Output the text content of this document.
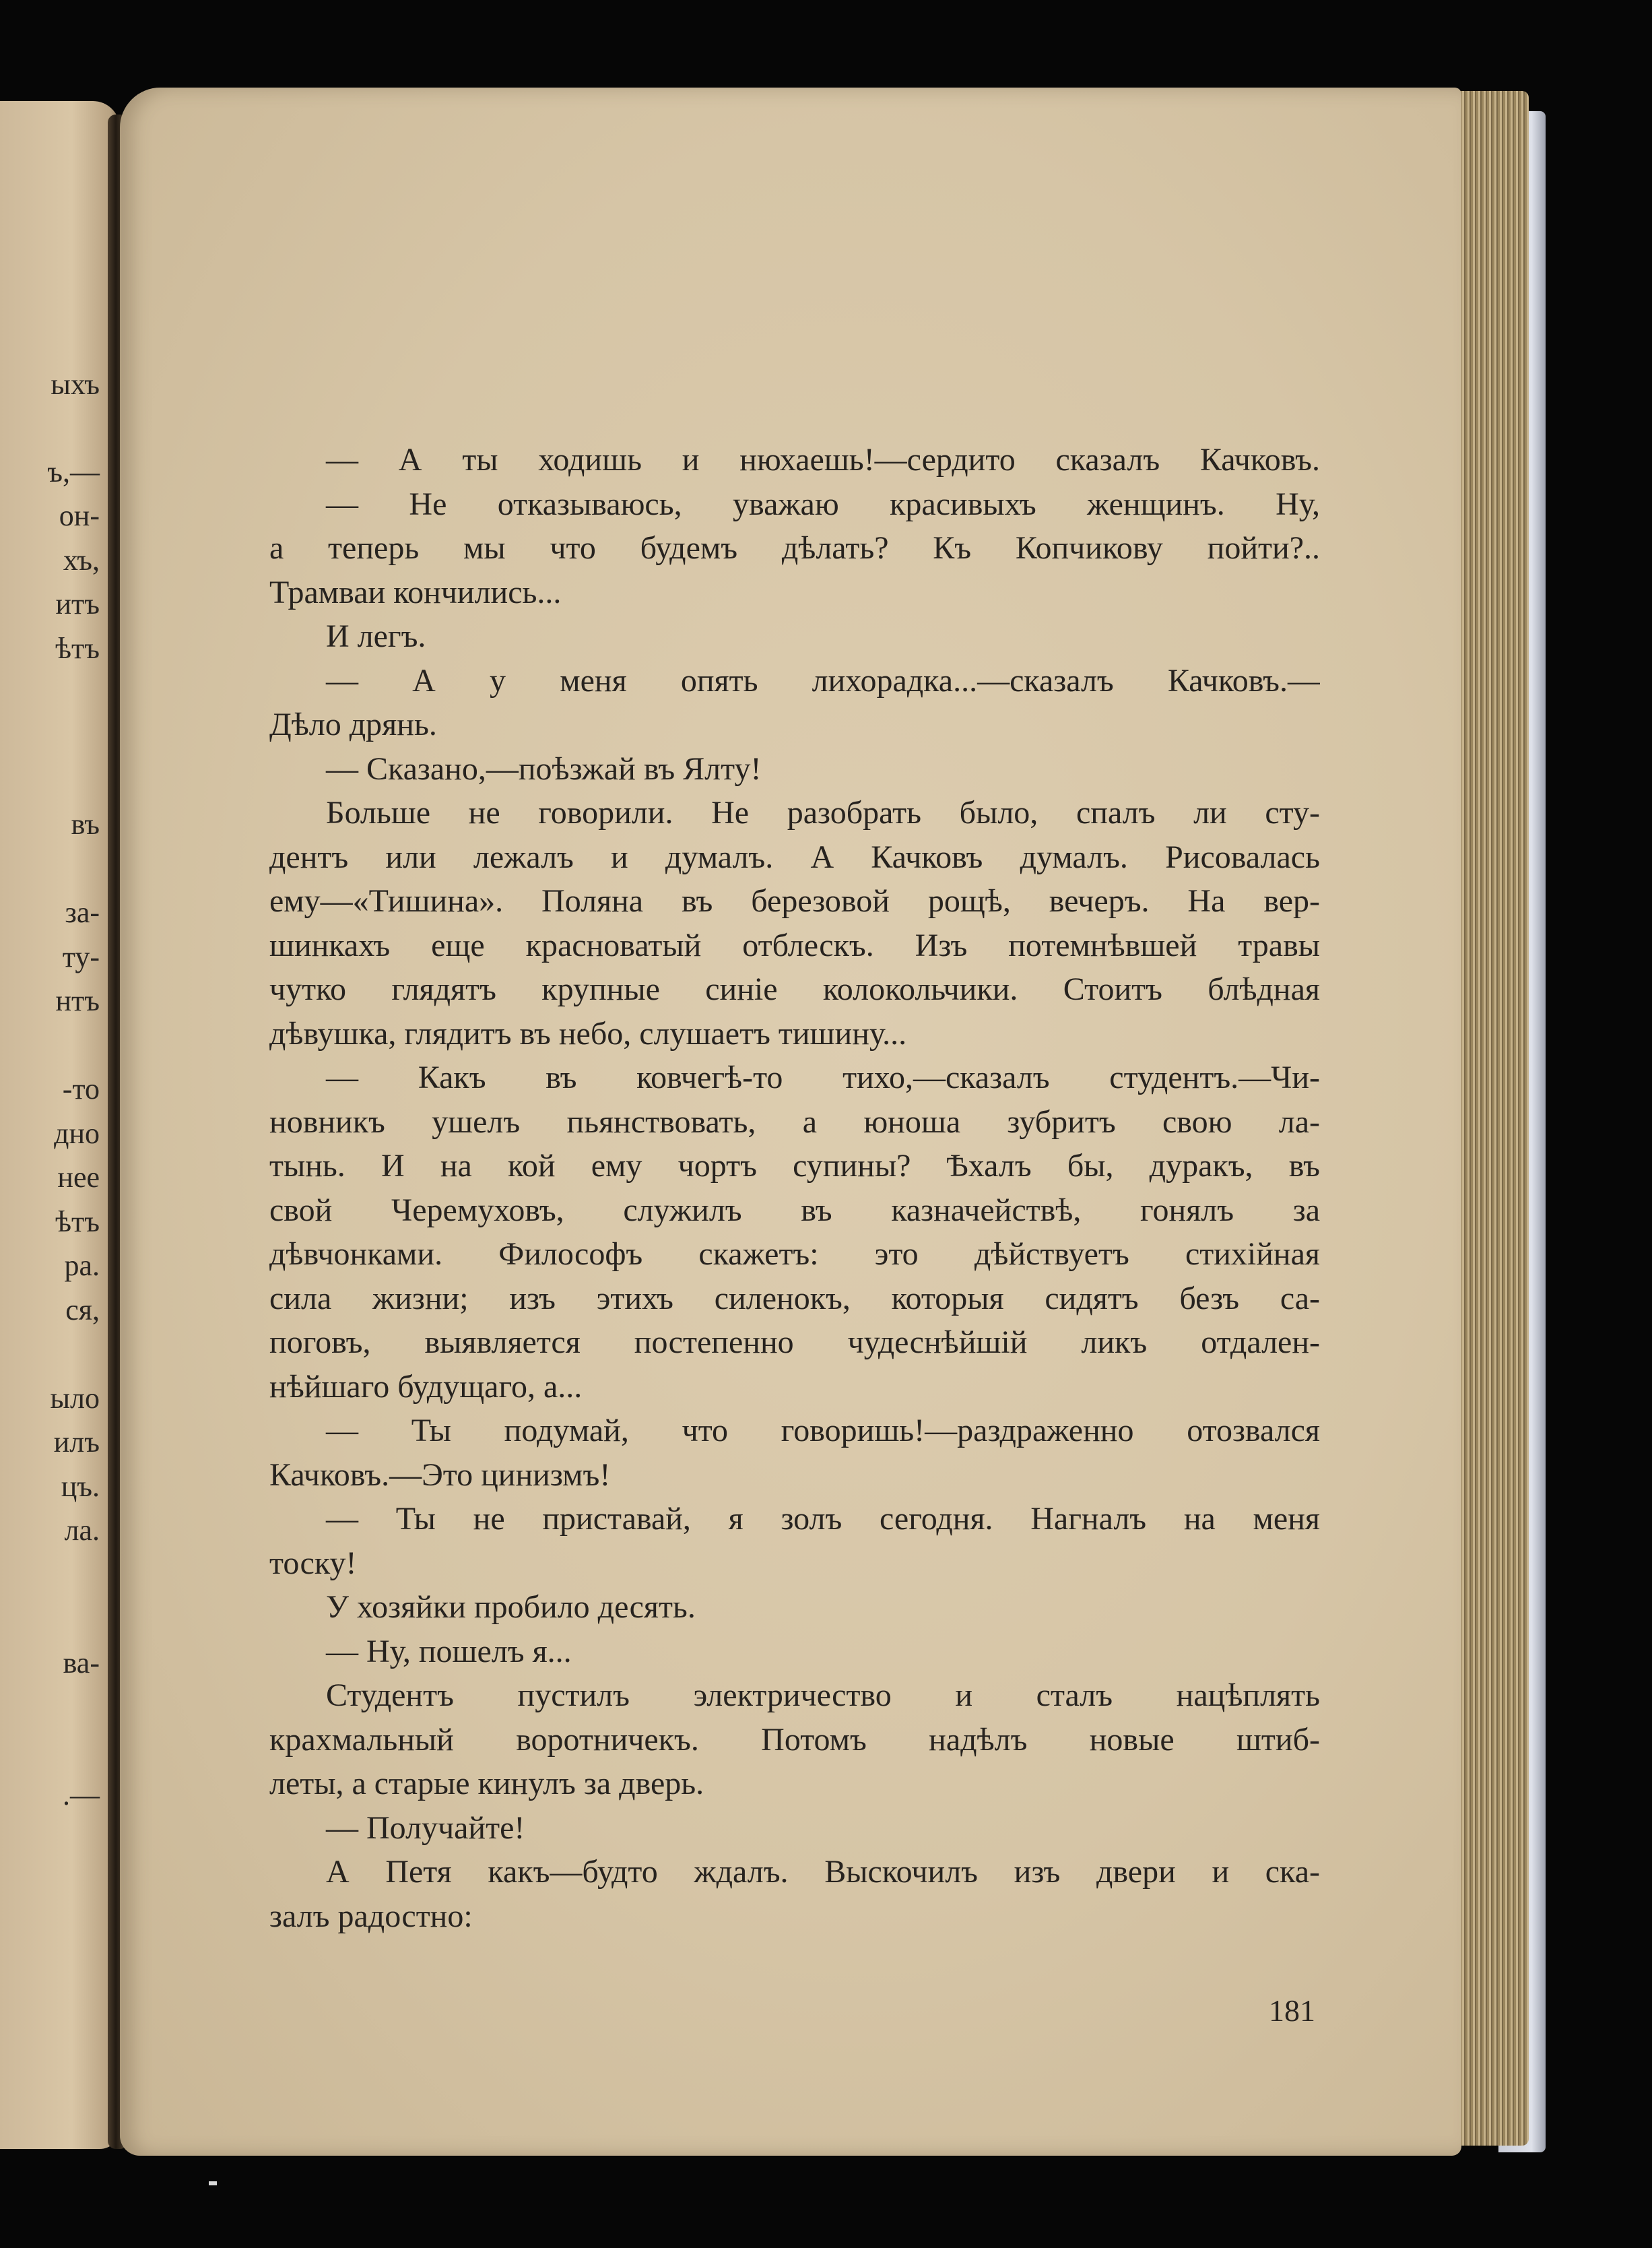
ыхъ
ъ,—
он-
хъ,
итъ
ѣтъ
въ
за-
ту-
нтъ
-то
дно
нее
ѣтъ
ра.
ся,
ыло
илъ
цъ.
ла.
ва-
.—
— А ты ходишь и нюхаешь!—сердито сказалъ Качковъ.
— Не отказываюсь, уважаю красивыхъ женщинъ. Ну,
а теперь мы что будемъ дѣлать? Къ Копчикову пойти?..
Трамваи кончились...
И легъ.
— А у меня опять лихорадка...—сказалъ Качковъ.—
Дѣло дрянь.
— Сказано,—поѣзжай въ Ялту!
Больше не говорили. Не разобрать было, спалъ ли сту-
дентъ или лежалъ и думалъ. А Качковъ думалъ. Рисовалась
ему—«Тишина». Поляна въ березовой рощѣ, вечеръ. На вер-
шинкахъ еще красноватый отблескъ. Изъ потемнѣвшей травы
чутко глядятъ крупные синiе колокольчики. Стоитъ блѣдная
дѣвушка, глядитъ въ небо, слушаетъ тишину...
— Какъ въ ковчегѣ-то тихо,—сказалъ студентъ.—Чи-
новникъ ушелъ пьянствовать, а юноша зубритъ свою ла-
тынь. И на кой ему чортъ супины? Ѣхалъ бы, дуракъ, въ
свой Черемуховъ, служилъ въ казначействѣ, гонялъ за
дѣвчонками. Философъ скажетъ: это дѣйствуетъ стихiйная
сила жизни; изъ этихъ силенокъ, которыя сидятъ безъ са-
поговъ, выявляется постепенно чудеснѣйшiй ликъ отдален-
нѣйшаго будущаго, а...
— Ты подумай, что говоришь!—раздраженно отозвался
Качковъ.—Это цинизмъ!
— Ты не приставай, я золъ сегодня. Нагналъ на меня
тоску!
У хозяйки пробило десять.
— Ну, пошелъ я...
Студентъ пустилъ электричество и сталъ нацѣплять
крахмальный воротничекъ. Потомъ надѣлъ новые штиб-
леты, а старые кинулъ за дверь.
— Получайте!
А Петя какъ—будто ждалъ. Выскочилъ изъ двери и ска-
залъ радостно:
181
